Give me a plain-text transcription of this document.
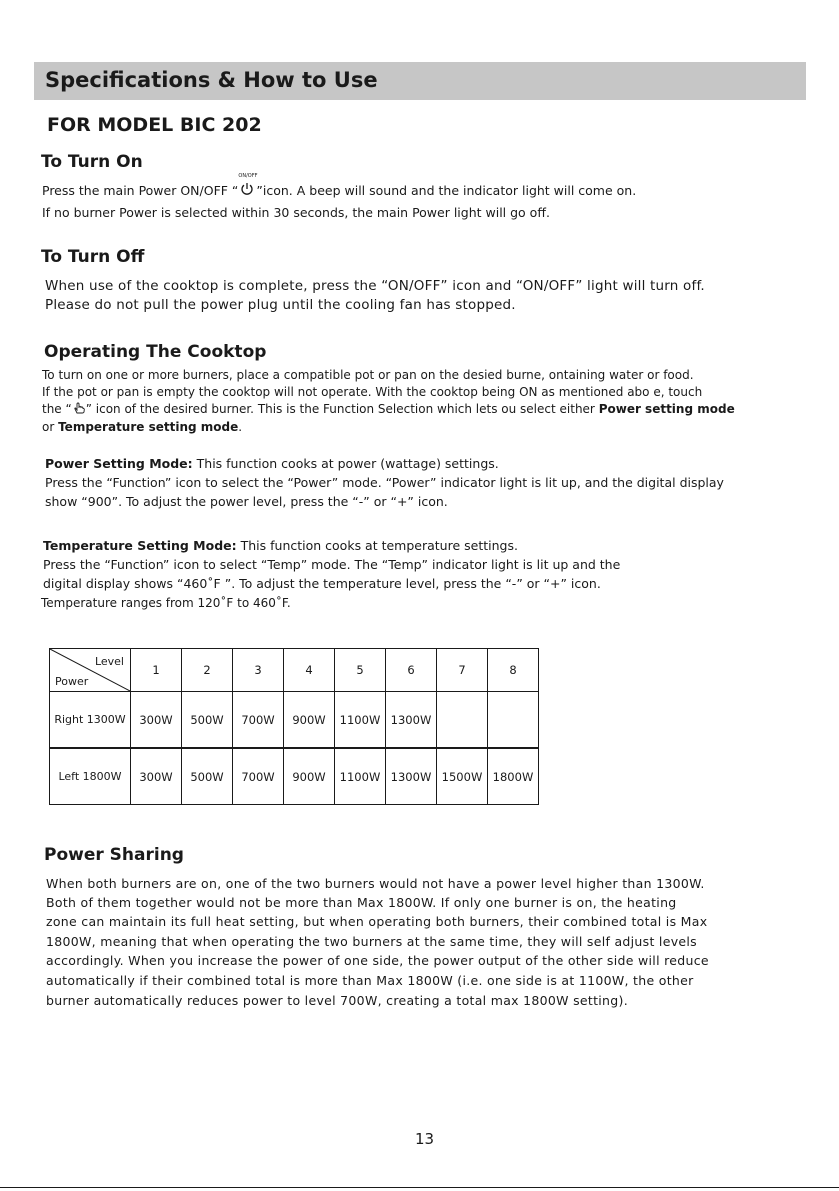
Specifications & How to Use
FOR MODEL BIC 202
To Turn On
Press the main Power ON/OFF “
ON/OFF
”icon. A beep will sound and the indicator light will come on.
If no burner Power is selected within 30 seconds, the main Power light will go off.
To Turn Off
When use of the cooktop is complete, press the “ON/OFF” icon and “ON/OFF” light will turn off.
Please do not pull the power plug until the cooling fan has stopped.
Operating The Cooktop
To turn on one or more burners, place a compatible pot or pan on the desied burne, ontaining water or food.
If the pot or pan is empty the cooktop will not operate. With the cooktop being ON as mentioned abo e, touch
the “ ” icon of the desired burner. This is the Function Selection which lets ou select either Power setting mode
or Temperature setting mode.
Power Setting Mode: This function cooks at power (wattage) settings.
Press the “Function” icon to select the “Power” mode. “Power” indicator light is lit up, and the digital display
show “900”. To adjust the power level, press the “-” or “+” icon.
Temperature Setting Mode: This function cooks at temperature settings.
Press the “Function” icon to select “Temp” mode. The “Temp” indicator light is lit up and the
digital display shows “460˚F ”. To adjust the temperature level, press the “-” or “+” icon.
Temperature ranges from 120˚F to 460˚F.
Level
Power	1	2	3	4	5	6	7	8
Right 1300W	300W	500W	700W	900W	1100W	1300W		
Left 1800W	300W	500W	700W	900W	1100W	1300W	1500W	1800W
Power Sharing
When both burners are on, one of the two burners would not have a power level higher than 1300W.
Both of them together would not be more than Max 1800W. If only one burner is on, the heating
zone can maintain its full heat setting, but when operating both burners, their combined total is Max
1800W, meaning that when operating the two burners at the same time, they will self adjust levels
accordingly. When you increase the power of one side, the power output of the other side will reduce
automatically if their combined total is more than Max 1800W (i.e. one side is at 1100W, the other
burner automatically reduces power to level 700W, creating a total max 1800W setting).
13
